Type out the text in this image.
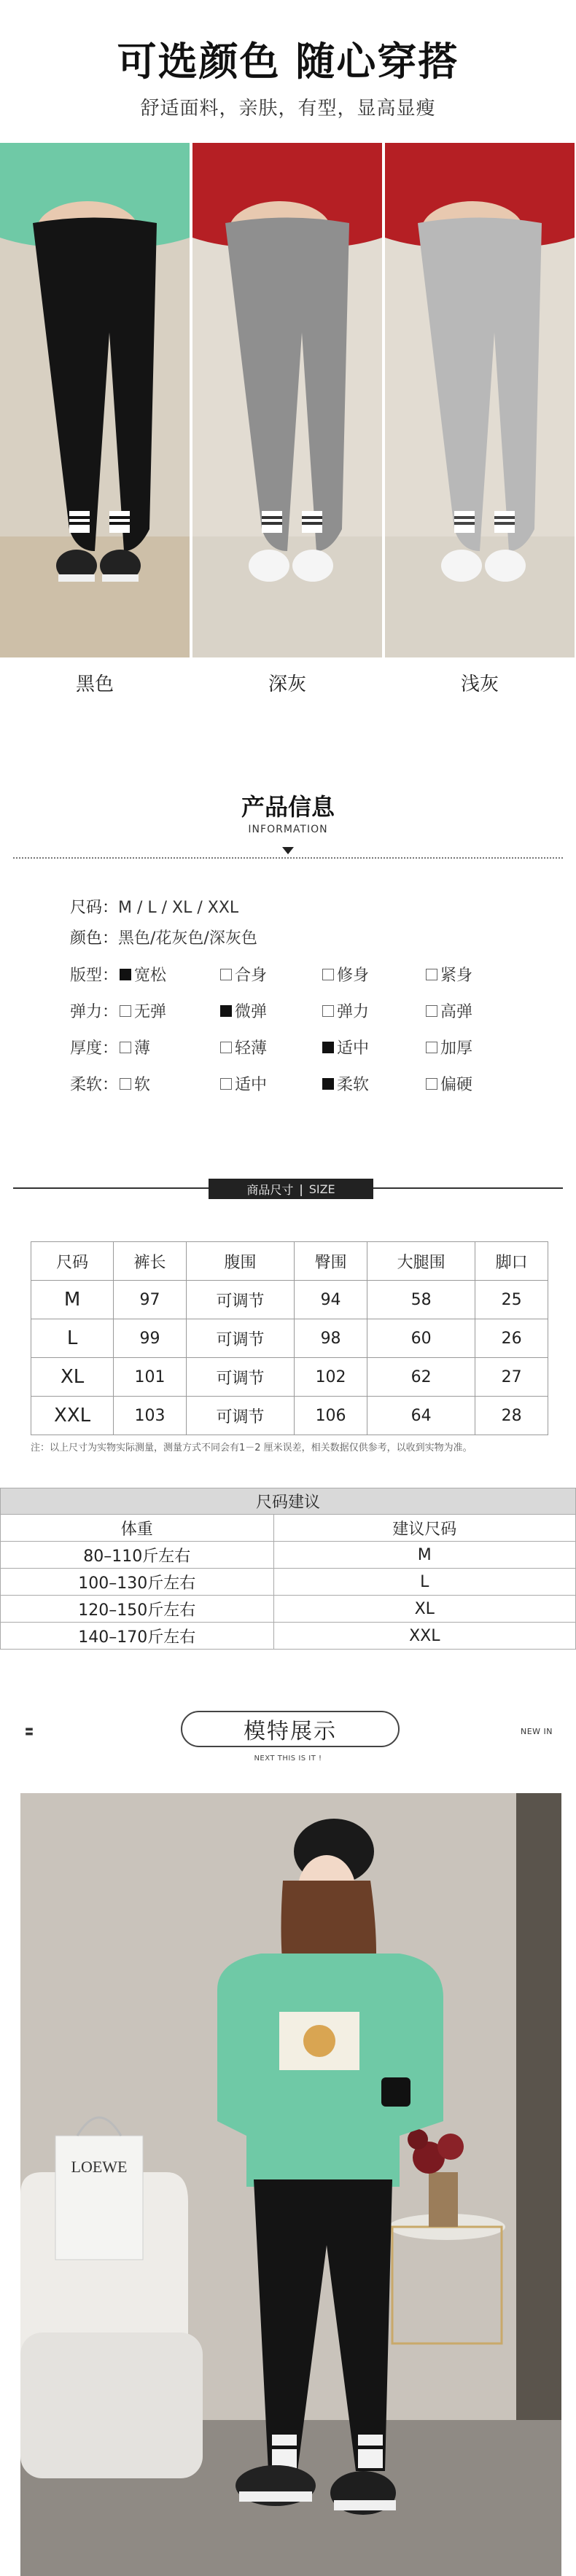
可选颜色 随心穿搭
舒适面料，亲肤，有型，显高显瘦
黑色	深灰	浅灰
产品信息
INFORMATION
尺码：M / L / XL / XXL
颜色：黑色/花灰色/深灰色
版型： 宽松	合身	修身	紧身
弹力： 无弹	微弹	弹力	高弹
厚度： 薄	轻薄	适中	加厚
柔软： 软	适中	柔软	偏硬
商品尺寸 | SIZE
尺码	裤长	腹围	臀围	大腿围	脚口
M	97	可调节	94	58	25
L	99	可调节	98	60	26
XL	101	可调节	102	62	27
XXL	103	可调节	106	64	28
注：以上尺寸为实物实际测量，测量方式不同会有1－2 厘米误差，相关数据仅供参考，以收到实物为准。
尺码建议	
体重	建议尺码
80–110斤左右	M
100–130斤左右	L
120–150斤左右	XL
140–170斤左右	XXL
〓	模特展示	NEW IN
NEXT THIS IS IT !
LOEWE
